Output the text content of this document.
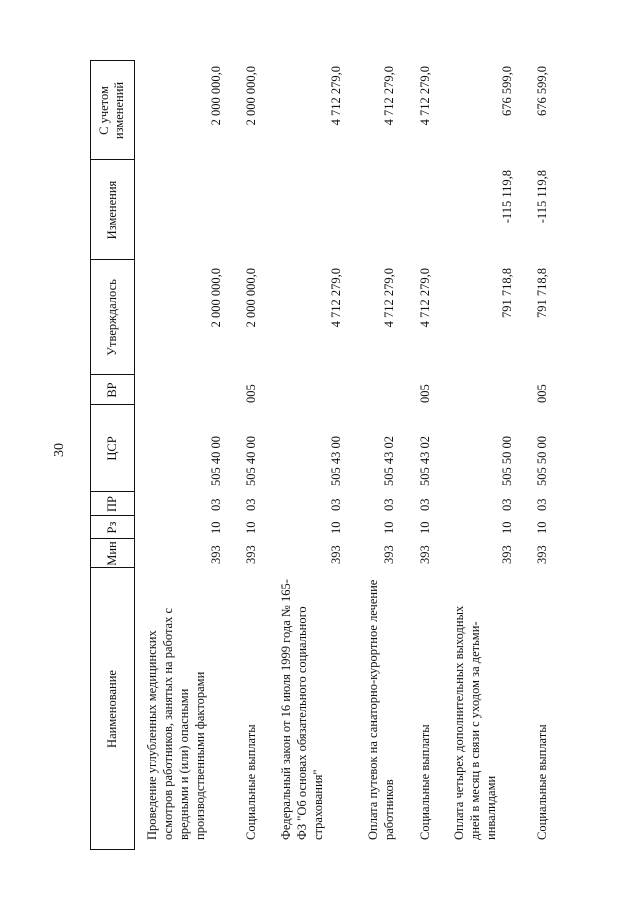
30
Наименование
Мин
Рз
ПР
ЦСР
ВР
Утверждалось
Изменения
С учетом изменений
Проведение углубленных медицинских осмотров работников, занятых на работах с вредными и (или) опасными производственными факторами
393
10
03
505 40 00
2 000 000,0
2 000 000,0
Социальные выплаты
393
10
03
505 40 00
005
2 000 000,0
2 000 000,0
Федеральный закон от 16 июля 1999 года № 165-ФЗ "Об основах обязательного социального страхования"
393
10
03
505 43 00
4 712 279,0
4 712 279,0
Оплата путевок на санаторно-курортное лечение работников
393
10
03
505 43 02
4 712 279,0
4 712 279,0
Социальные выплаты
393
10
03
505 43 02
005
4 712 279,0
4 712 279,0
Оплата четырех дополнительных выходных дней в месяц в связи с уходом за детьми-инвалидами
393
10
03
505 50 00
791 718,8
-115 119,8
676 599,0
Социальные выплаты
393
10
03
505 50 00
005
791 718,8
-115 119,8
676 599,0
